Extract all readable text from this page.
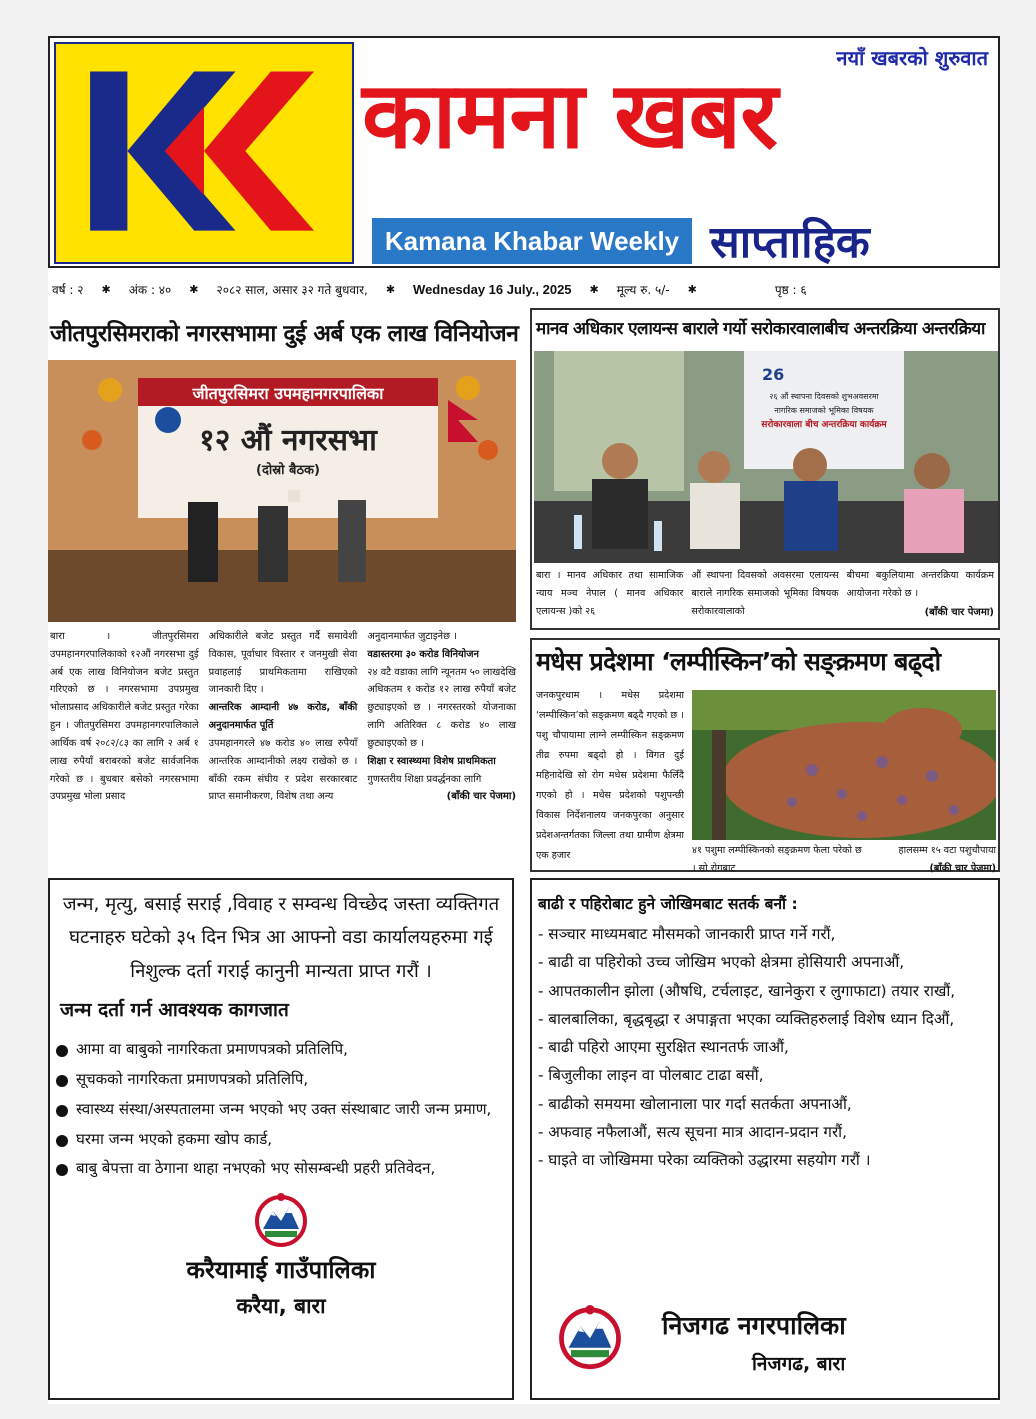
नयाँ खबरको शुरुवात
कामना खबर
Kamana Khabar Weekly साप्ताहिक
वर्ष : २ ✱ अंक : ४० ✱ २०८२ साल, असार ३२ गते बुधवार, ✱ Wednesday 16 July., 2025 ✱ मूल्य रु. ५/- ✱	पृष्ठ : ६
जीतपुरसिमराको नगरसभामा दुई अर्ब एक लाख विनियोजन
जीतपुरसिमरा उपमहानगरपालिका
१२ औं नगरसभा
(दोस्रो बैठक)
बारा । जीतपुरसिमरा उपमहानगरपालिकाको १२औं नगरसभा दुई अर्ब एक लाख विनियोजन बजेट प्रस्तुत गरिएको छ । नगरसभामा उपप्रमुख भोलाप्रसाद अधिकारीले बजेट प्रस्तुत गरेका हुन । जीतपुरसिमरा उपमहानगरपालिकाले आर्थिक वर्ष २०८२/८३ का लागि २ अर्ब १ लाख रुपैयाँ बराबरको बजेट सार्वजनिक गरेको छ । बुधबार बसेको नगरसभामा उपप्रमुख भोला प्रसाद
अधिकारीले बजेट प्रस्तुत गर्दै समावेशी विकास, पूर्वाधार विस्तार र जनमुखी सेवा प्रवाहलाई प्राथमिकतामा राखिएको जानकारी दिए ।
आन्तरिक आम्दानी ४७ करोड, बाँकी अनुदानमार्फत पूर्ति
उपमहानगरले ४७ करोड ४० लाख रुपैयाँ आन्तरिक आम्दानीको लक्ष्य राखेको छ । बाँकी रकम संघीय र प्रदेश सरकारबाट प्राप्त समानीकरण, विशेष तथा अन्य
अनुदानमार्फत जुटाइनेछ ।
वडास्तरमा ३० करोड विनियोजन
२४ वटै वडाका लागि न्यूनतम ५० लाखदेखि अधिकतम १ करोड १२ लाख रुपैयाँ बजेट छुट्याइएको छ । नगरस्तरको योजनाका लागि अतिरिक्त ८ करोड ४० लाख छुट्याइएको छ ।
शिक्षा र स्वास्थ्यमा विशेष प्राथमिकता
गुणस्तरीय शिक्षा प्रवर्द्धनका लागि
(बाँकी चार पेजमा)
मानव अधिकार एलायन्स बाराले गर्यो सरोकारवालाबीच अन्तरक्रिया अन्तरक्रिया
26
२६ औं स्थापना दिवसको शुभअवसरमा
नागरिक समाजको भूमिका विषयक
सरोकारवाला बीच अन्तरक्रिया कार्यक्रम
बारा । मानव अधिकार तथा सामाजिक न्याय मञ्च नेपाल ( मानव अधिकार एलायन्स )को २६
औं स्थापना दिवसको अवसरमा एलायन्स बाराले नागरिक समाजको भूमिका विषयक सरोकारवालाको
बीचमा बकुलियामा अन्तरक्रिया कार्यक्रम आयोजना गरेको छ ।
(बाँकी चार पेजमा)
मधेस प्रदेशमा ‘लम्पीस्किन’को सङ्क्रमण बढ्दो
जनकपुरधाम । मधेस प्रदेशमा ‘लम्पीस्किन’को सङ्क्रमण बढ्दै गएको छ । पशु चौपायामा लाग्ने लम्पीस्किन सङ्क्रमण तीव्र रुपमा बढ्दो हो । विगत दुई महिनादेखि सो रोग मधेस प्रदेशमा फैलिँदै गएको हो । मधेस प्रदेशको पशुपन्छी विकास निर्देशनालय जनकपुरका अनुसार प्रदेशअन्तर्गतका जिल्ला तथा ग्रामीण क्षेत्रमा एक हजार	४१ पशुमा लम्पीस्किनको सङ्क्रमण फेला परेको छ । सो रोगबाट
हालसम्म १५ वटा पशुचौपाया
(बाँकी चार पेजमा)
जन्म, मृत्यु, बसाई सराई ,विवाह र सम्वन्ध विच्छेद जस्ता व्यक्तिगत घटनाहरु घटेको ३५ दिन भित्र आ आफ्नो वडा कार्यालयहरुमा गई निशुल्क दर्ता गराई कानुनी मान्यता प्राप्त गरौं ।
जन्म दर्ता गर्न आवश्यक कागजात
आमा वा बाबुको नागरिकता प्रमाणपत्रको प्रतिलिपि,
सूचकको नागरिकता प्रमाणपत्रको प्रतिलिपि,
स्वास्थ्य संस्था/अस्पतालमा जन्म भएको भए उक्त संस्थाबाट जारी जन्म प्रमाण,
घरमा जन्म भएको हकमा खोप कार्ड,
बाबु बेपत्ता वा ठेगाना थाहा नभएको भए सोसम्बन्धी प्रहरी प्रतिवेदन,
करैयामाई गाउँपालिका
करैया, बारा
बाढी र पहिरोबाट हुने जोखिमबाट सतर्क बनौं :
- सञ्चार माध्यमबाट मौसमको जानकारी प्राप्त गर्ने गरौं,
- बाढी वा पहिरोको उच्च जोखिम भएको क्षेत्रमा होसियारी अपनाऔं,
- आपतकालीन झोला (औषधि, टर्चलाइट, खानेकुरा र लुगाफाटा) तयार राखौं,
- बालबालिका, बृद्धबृद्धा र अपाङ्गता भएका व्यक्तिहरुलाई विशेष ध्यान दिऔं,
- बाढी पहिरो आएमा सुरक्षित स्थानतर्फ जाऔं,
- बिजुलीका लाइन वा पोलबाट टाढा बसौं,
- बाढीको समयमा खोलानाला पार गर्दा सतर्कता अपनाऔं,
- अफवाह नफैलाऔं, सत्य सूचना मात्र आदान-प्रदान गरौं,
- घाइते वा जोखिममा परेका व्यक्तिको उद्धारमा सहयोग गरौं ।
निजगढ नगरपालिका
निजगढ, बारा
